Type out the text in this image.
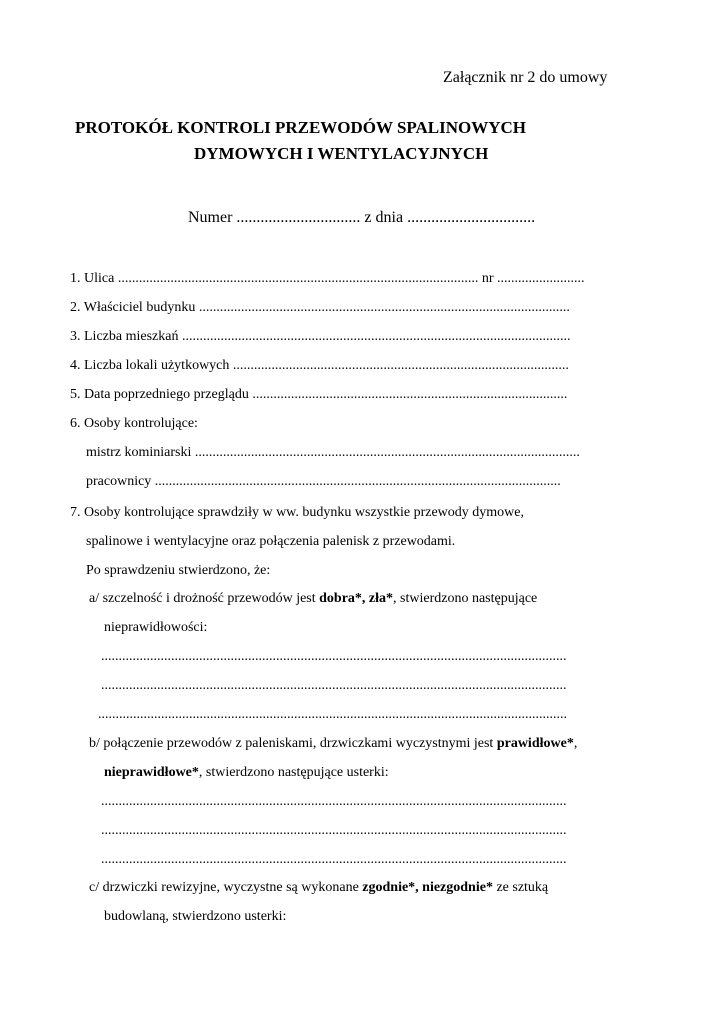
Załącznik nr 2 do umowy
PROTOKÓŁ KONTROLI PRZEWODÓW SPALINOWYCH
DYMOWYCH I WENTYLACYJNYCH
Numer ............................... z dnia ................................
1. Ulica ....................................................................................................... nr .........................
2. Właściciel budynku ..........................................................................................................
3. Liczba mieszkań ...............................................................................................................
4. Liczba lokali użytkowych ................................................................................................
5. Data poprzedniego przeglądu ..........................................................................................
6. Osoby kontrolujące:
mistrz kominiarski ..............................................................................................................
pracownicy ....................................................................................................................
7. Osoby kontrolujące sprawdziły w ww. budynku wszystkie przewody dymowe,
spalinowe i wentylacyjne oraz połączenia palenisk z przewodami.
Po sprawdzeniu stwierdzono, że:
a/ szczelność i drożność przewodów jest dobra*, zła*, stwierdzono następujące
nieprawidłowości:
.....................................................................................................................................
.....................................................................................................................................
......................................................................................................................................
b/ połączenie przewodów z paleniskami, drzwiczkami wyczystnymi jest prawidłowe*,
nieprawidłowe*, stwierdzono następujące usterki:
.....................................................................................................................................
.....................................................................................................................................
.....................................................................................................................................
c/ drzwiczki rewizyjne, wyczystne są wykonane zgodnie*, niezgodnie* ze sztuką
budowlaną, stwierdzono usterki:
